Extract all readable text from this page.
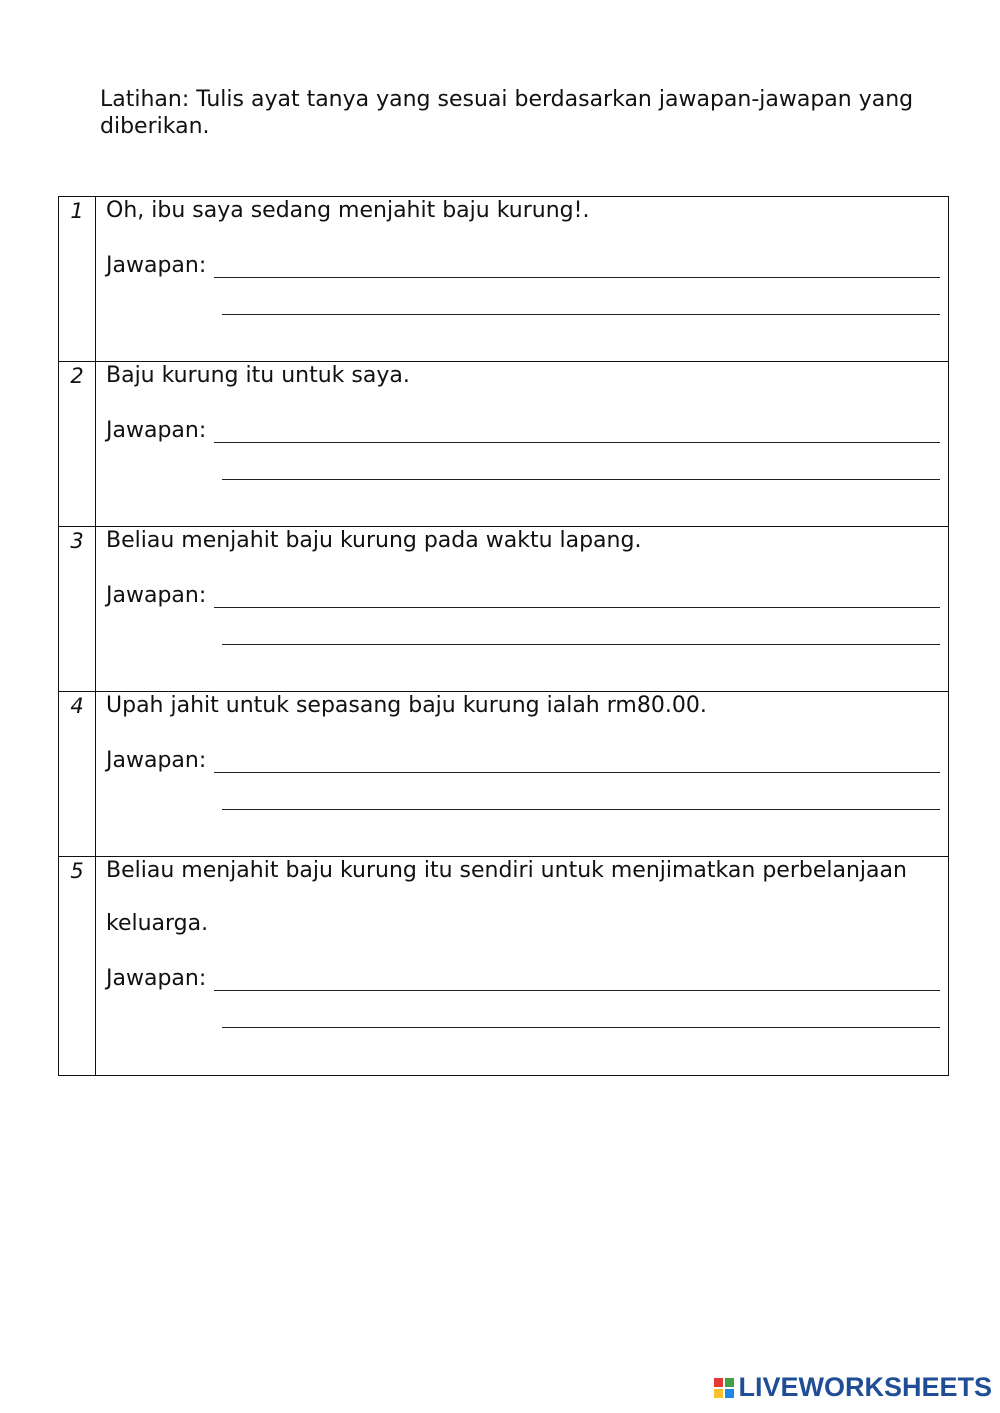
Latihan: Tulis ayat tanya yang sesuai berdasarkan jawapan-jawapan yang
diberikan.
1	Oh, ibu saya sedang menjahit baju kurung!.
Jawapan:

2	Baju kurung itu untuk saya.
Jawapan:

3	Beliau menjahit baju kurung pada waktu lapang.
Jawapan:

4	Upah jahit untuk sepasang baju kurung ialah rm80.00.
Jawapan:

5	Beliau menjahit baju kurung itu sendiri untuk menjimatkan perbelanjaan
keluarga.
Jawapan:
LIVEWORKSHEETS
